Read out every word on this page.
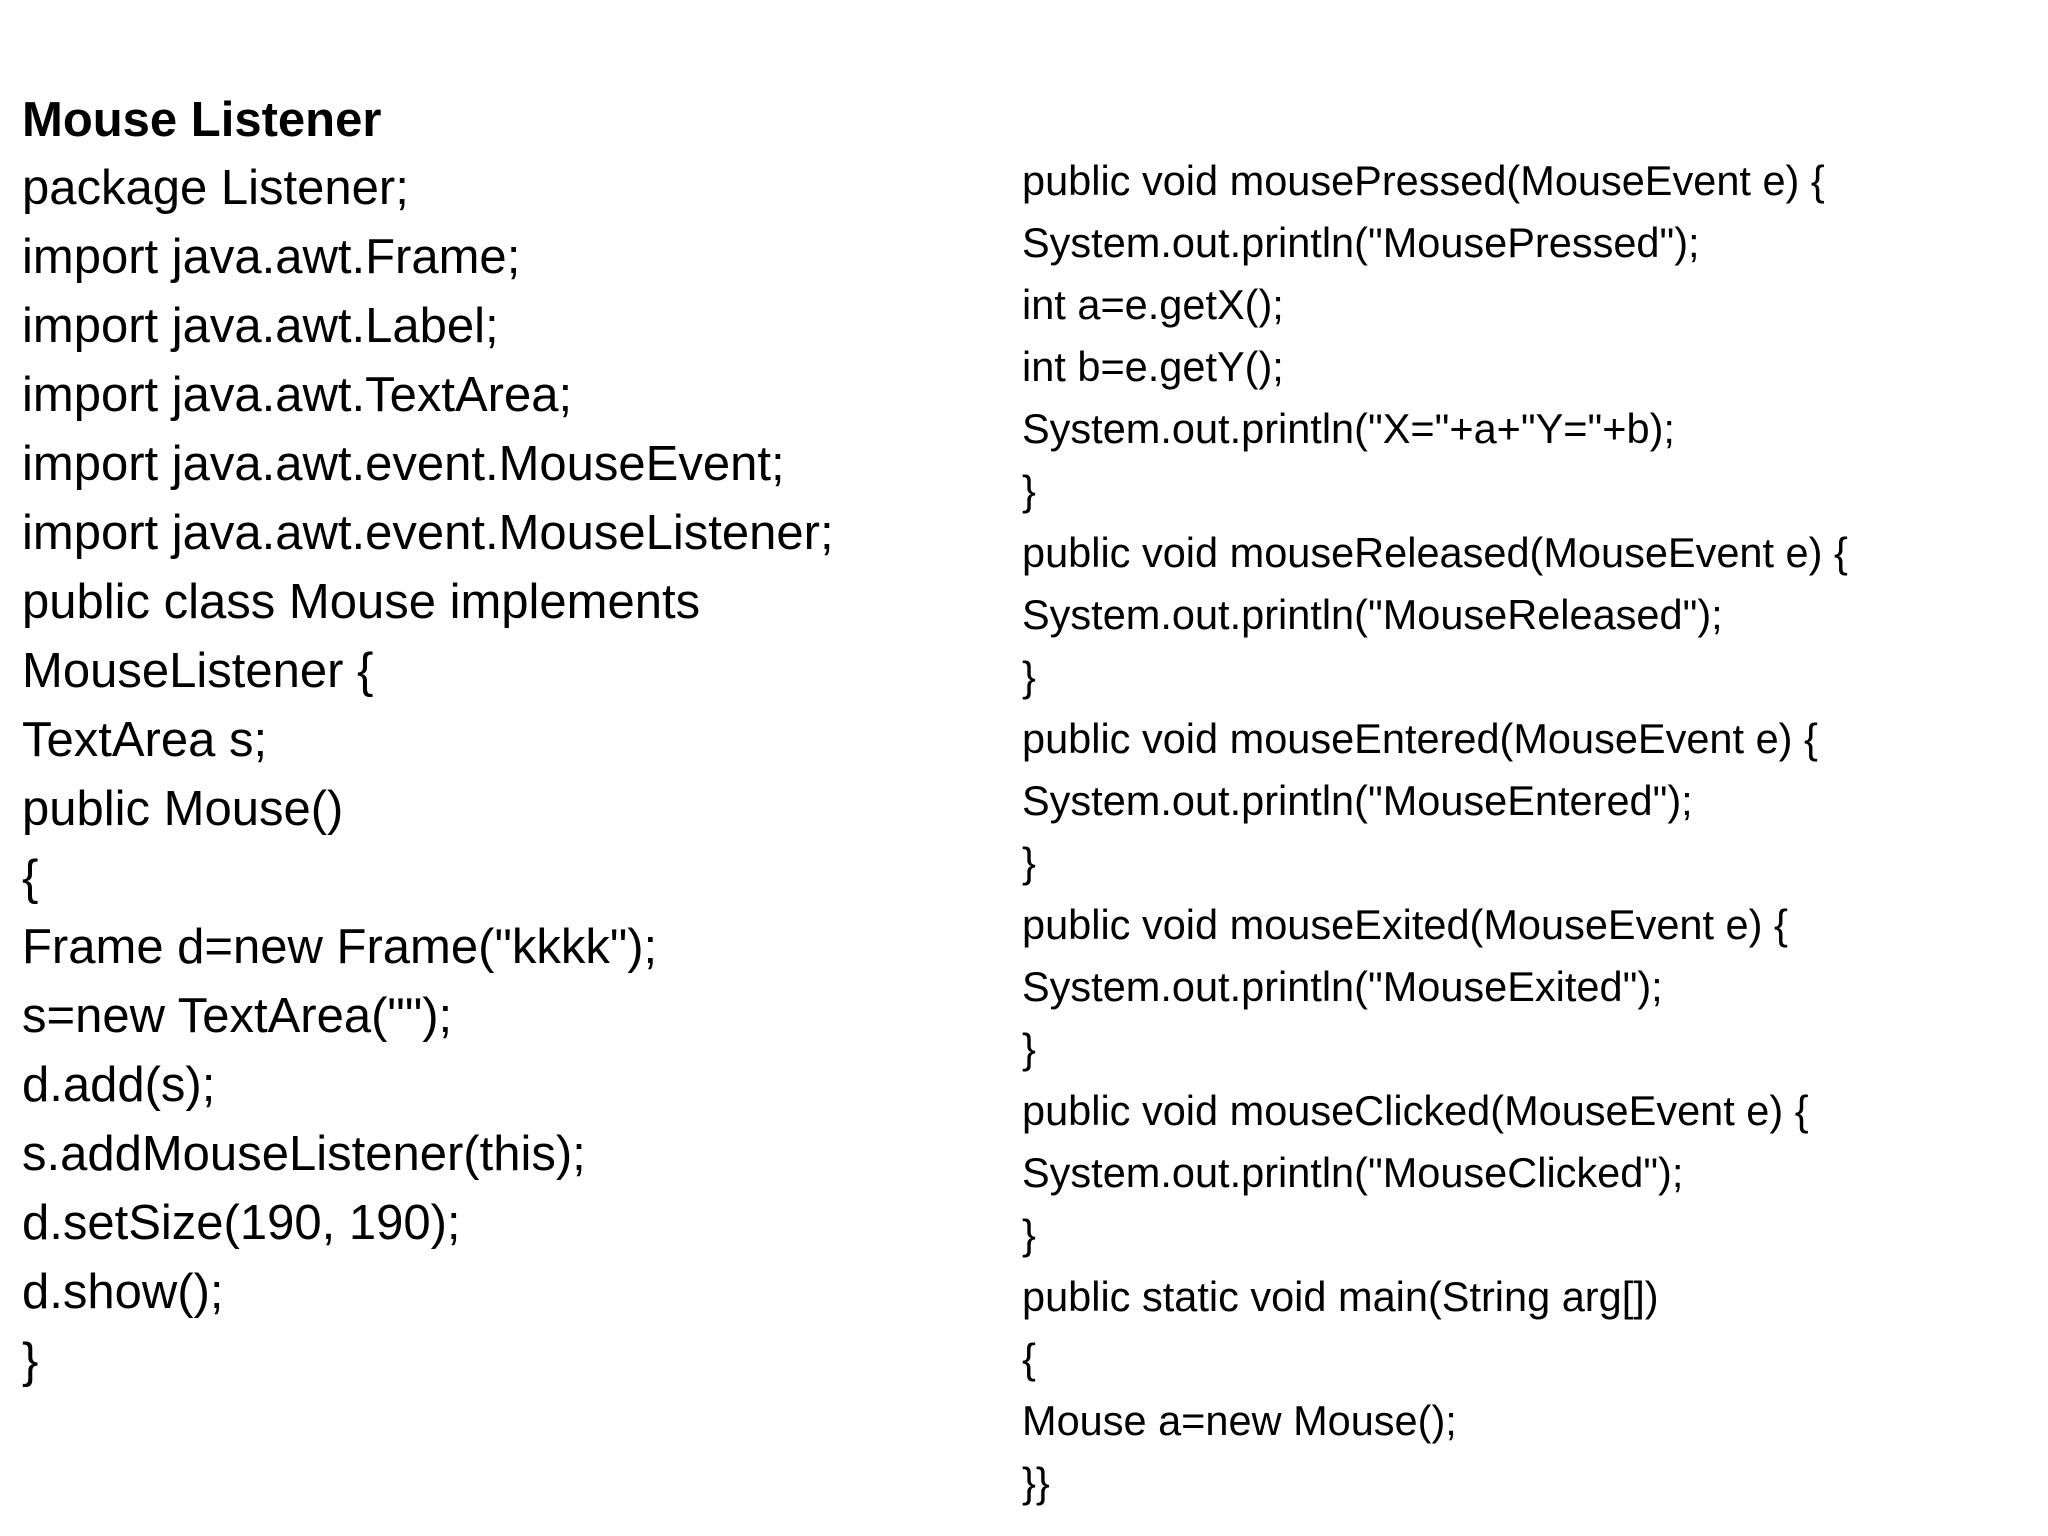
Mouse Listener

package Listener;

import java.awt.Frame;

import java.awt.Label;

import java.awt.TextArea;

import java.awt.event.MouseEvent;

import java.awt.event.MouseListener;

public class Mouse implements

MouseListener {

TextArea s;

public Mouse()

{

Frame d=new Frame("kkkk");

s=new TextArea("");

d.add(s);

s.addMouseListener(this);

d.setSize(190, 190);

d.show();

}

public void mousePressed(MouseEvent e) {

System.out.println("MousePressed");

int a=e.getX();

int b=e.getY();

System.out.println("X="+a+"Y="+b);

}

public void mouseReleased(MouseEvent e) {

System.out.println("MouseReleased");

}

public void mouseEntered(MouseEvent e) {

System.out.println("MouseEntered");

}

public void mouseExited(MouseEvent e) {

System.out.println("MouseExited");

}

public void mouseClicked(MouseEvent e) {

System.out.println("MouseClicked");

}

public static void main(String arg[])

{

Mouse a=new Mouse();

}}
